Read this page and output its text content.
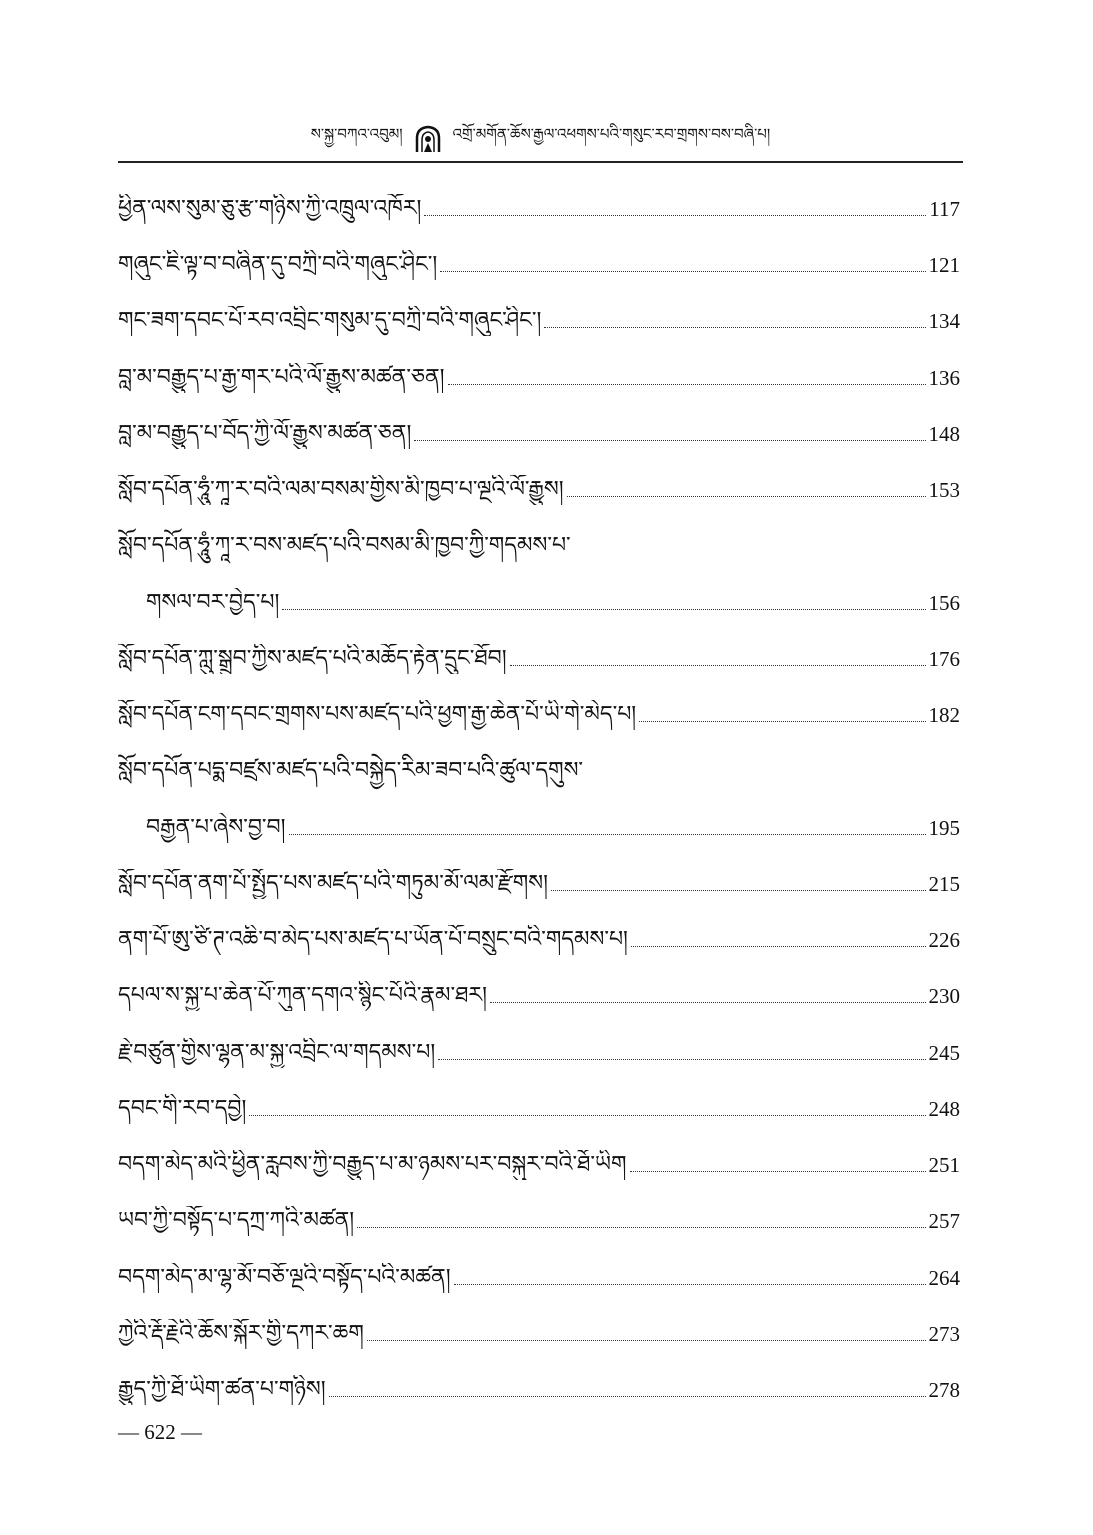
ས་སྐྱ་བཀའ་འབུམ།	འགྲོ་མགོན་ཆོས་རྒྱལ་འཕགས་པའི་གསུང་རབ་གྲགས་བས་བཞི་པ།
ཕྱིན་ལས་སུམ་ཅུ་རྩ་གཉིས་ཀྱི་འཁྲུལ་འཁོར།	117
གཞུང་ཇི་ལྟ་བ་བཞིན་དུ་བཀྲི་བའི་གཞུང་ཤིང་།	121
གང་ཟག་དབང་པོ་རབ་འབྲིང་གསུམ་དུ་བཀྲི་བའི་གཞུང་ཤིང་།	134
བླ་མ་བརྒྱུད་པ་རྒྱ་གར་པའི་ལོ་རྒྱུས་མཚན་ཅན།	136
བླ་མ་བརྒྱུད་པ་བོད་ཀྱི་ལོ་རྒྱུས་མཚན་ཅན།	148
སློབ་དཔོན་ཧཱུཾ་ཀཱ་ར་བའི་ལམ་བསམ་གྱིས་མི་ཁྱབ་པ་ལྔའི་ལོ་རྒྱུས།	153
སློབ་དཔོན་ཧཱུཾ་ཀཱ་ར་བས་མཛད་པའི་བསམ་མི་ཁྱབ་ཀྱི་གདམས་པ་
གསལ་བར་བྱེད་པ།	156
སློབ་དཔོན་ཀླུ་སྒྲུབ་ཀྱིས་མཛད་པའི་མཆོད་རྟེན་དྲུང་ཐོབ།	176
སློབ་དཔོན་ངག་དབང་གྲགས་པས་མཛད་པའི་ཕྱག་རྒྱ་ཆེན་པོ་ཡི་གེ་མེད་པ།	182
སློབ་དཔོན་པདྨ་བཛྲས་མཛད་པའི་བསྐྱེད་རིམ་ཟབ་པའི་ཚུལ་དགུས་
བརྒྱན་པ་ཞེས་བྱ་བ།	195
སློབ་དཔོན་ནག་པོ་སྤྱོད་པས་མཛད་པའི་གཏུམ་མོ་ལམ་རྫོགས།	215
ནག་པོ་ཨུ་ཙི་ཊ་འཆི་བ་མེད་པས་མཛད་པ་ཡོན་པོ་བསྲུང་བའི་གདམས་པ།	226
དཔལ་ས་སྐྱ་པ་ཆེན་པོ་ཀུན་དགའ་སྙིང་པོའི་རྣམ་ཐར།	230
རྗེ་བཙུན་གྱིས་ལྷན་མ་སྐྱ་འབྲིང་ལ་གདམས་པ།	245
དབང་གི་རབ་དབྱེ།	248
བདག་མེད་མའི་ཕྱིན་རླབས་ཀྱི་བརྒྱུད་པ་མ་ཉམས་པར་བསྐུར་བའི་ཐོ་ཡིག	251
ཡབ་ཀྱི་བསྟོད་པ་དཀྲ་ཀའི་མཚན།	257
བདག་མེད་མ་ལྷ་མོ་བཅོ་ལྔའི་བསྟོད་པའི་མཚན།	264
ཀྱེའི་རྡོ་རྗེའི་ཆོས་སྐོར་གྱི་དཀར་ཆག	273
རྒྱུད་ཀྱི་ཐོ་ཡིག་ཚན་པ་གཉིས།	278
— 622 —
